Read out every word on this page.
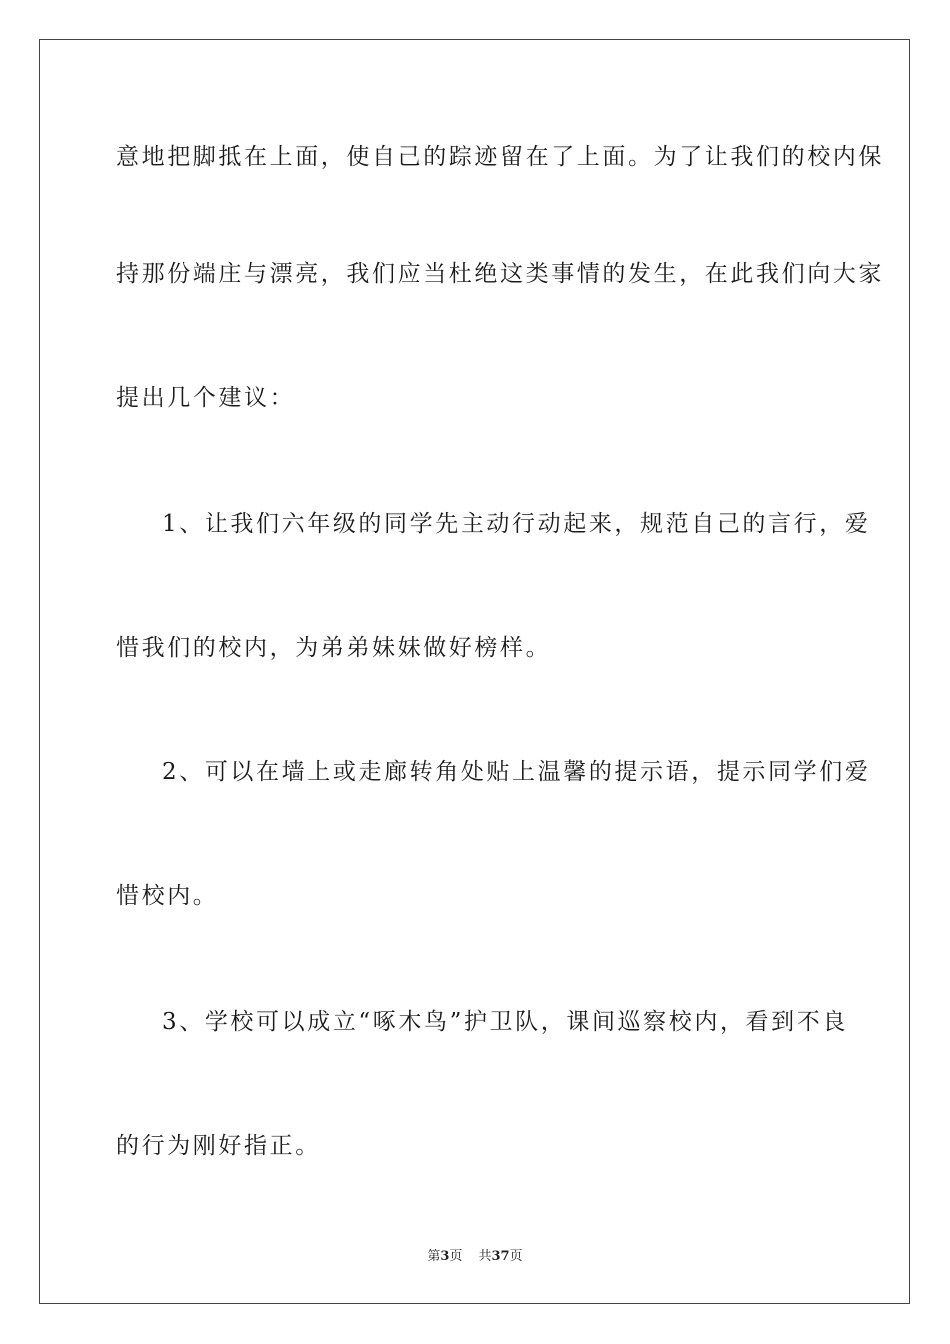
意地把脚抵在上面，使自己的踪迹留在了上面。为了让我们的校内保
持那份端庄与漂亮，我们应当杜绝这类事情的发生，在此我们向大家
提出几个建议：
1、让我们六年级的同学先主动行动起来，规范自己的言行，爱
惜我们的校内，为弟弟妹妹做好榜样。
2、可以在墙上或走廊转角处贴上温馨的提示语，提示同学们爱
惜校内。
3、学校可以成立“啄木鸟”护卫队，课间巡察校内，看到不良
的行为刚好指正。
第3页 共37页
